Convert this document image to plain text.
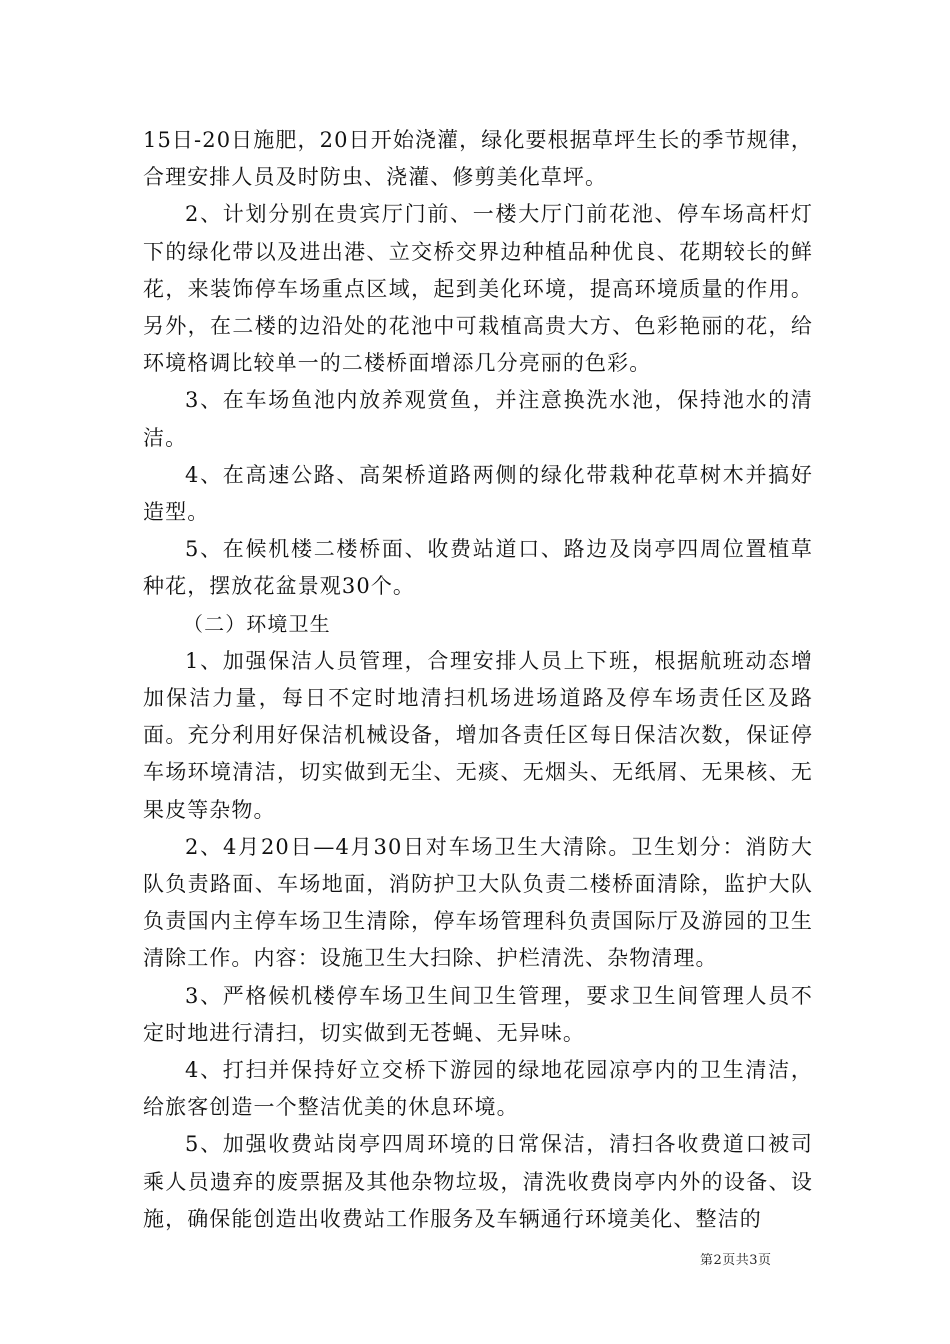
15日-20日施肥，20日开始浇灌，绿化要根据草坪生长的季节规律，合理安排人员及时防虫、浇灌、修剪美化草坪。

2、计划分别在贵宾厅门前、一楼大厅门前花池、停车场高杆灯下的绿化带以及进出港、立交桥交界边种植品种优良、花期较长的鲜花，来装饰停车场重点区域，起到美化环境，提高环境质量的作用。另外，在二楼的边沿处的花池中可栽植高贵大方、色彩艳丽的花，给环境格调比较单一的二楼桥面增添几分亮丽的色彩。

3、在车场鱼池内放养观赏鱼，并注意换洗水池，保持池水的清洁。

4、在高速公路、高架桥道路两侧的绿化带栽种花草树木并搞好造型。

5、在候机楼二楼桥面、收费站道口、路边及岗亭四周位置植草种花，摆放花盆景观30个。

（二）环境卫生

1、加强保洁人员管理，合理安排人员上下班，根据航班动态增加保洁力量，每日不定时地清扫机场进场道路及停车场责任区及路面。充分利用好保洁机械设备，增加各责任区每日保洁次数，保证停车场环境清洁，切实做到无尘、无痰、无烟头、无纸屑、无果核、无果皮等杂物。

2、4月20日—4月30日对车场卫生大清除。卫生划分：消防大队负责路面、车场地面，消防护卫大队负责二楼桥面清除，监护大队负责国内主停车场卫生清除，停车场管理科负责国际厅及游园的卫生清除工作。内容：设施卫生大扫除、护栏清洗、杂物清理。

3、严格候机楼停车场卫生间卫生管理，要求卫生间管理人员不定时地进行清扫，切实做到无苍蝇、无异味。

4、打扫并保持好立交桥下游园的绿地花园凉亭内的卫生清洁，给旅客创造一个整洁优美的休息环境。

5、加强收费站岗亭四周环境的日常保洁，清扫各收费道口被司乘人员遗弃的废票据及其他杂物垃圾，清洗收费岗亭内外的设备、设施，确保能创造出收费站工作服务及车辆通行环境美化、整洁的

第2页共3页
